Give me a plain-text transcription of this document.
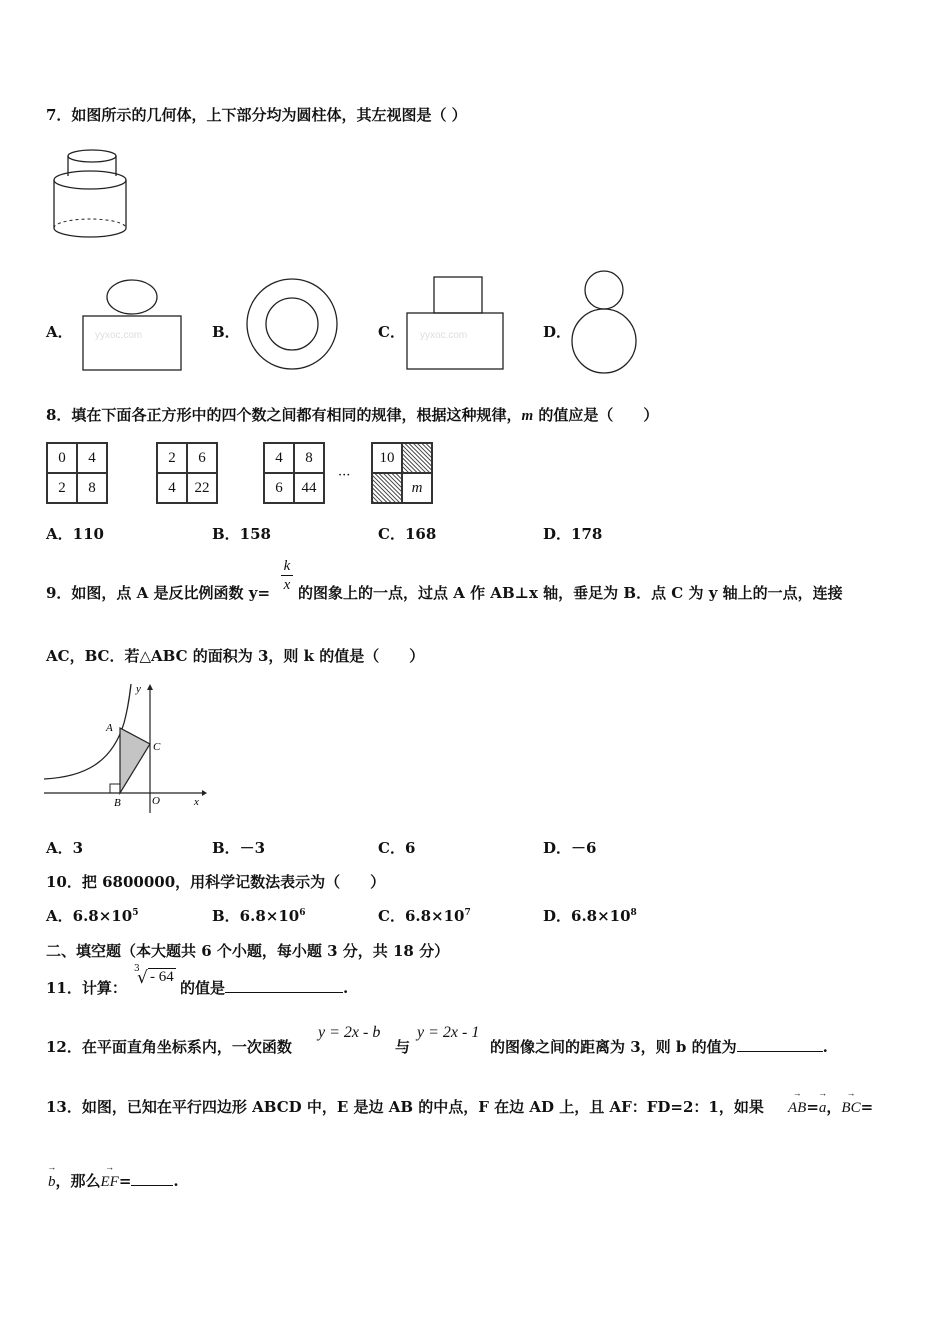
7．如图所示的几何体，上下部分均为圆柱体，其左视图是（ ）
A． yyxoc.com	B．	C． yyxoc.com	D．
8．填在下面各正方形中的四个数之间都有相同的规律，根据这种规律，m 的值应是（　　）
0	4
2	8
2	6
4	22
4	8
6	44
···
10
m
A．110	B．158	C．168	D．178
9．如图，点 A 是反比例函数 y=
k
x 的图象上的一点，过点 A 作 AB⊥x 轴，垂足为 B．点 C 为 y 轴上的一点，连接
AC，BC．若△ABC 的面积为 3，则 k 的值是（　　）
y
x
A
B
C
O
A．3	B．－3	C．6	D．－6
10．把 6800000，用科学记数法表示为（　　）
A．$6.8\times 10^5$	B．$6.8\times 10^6$	C．$6.8\times 10^7$	D．$6.8\times 10^8$
二、填空题（本大题共 6 个小题，每小题 3 分，共 18 分）
11．计算：
3
√ - 64
的值是	.
12．在平面直角坐标系内，一次函数
y = 2x - b
与
y = 2x - 1
的图像之间的距离为 3，则 b 的值为	.
13．如图，已知在平行四边形 ABCD 中，E 是边 AB 的中点，F 在边 AD 上，且 AF：FD=2：1，如果 → AB=→ a，→ BC=
→ b，那么→ EF=	.
